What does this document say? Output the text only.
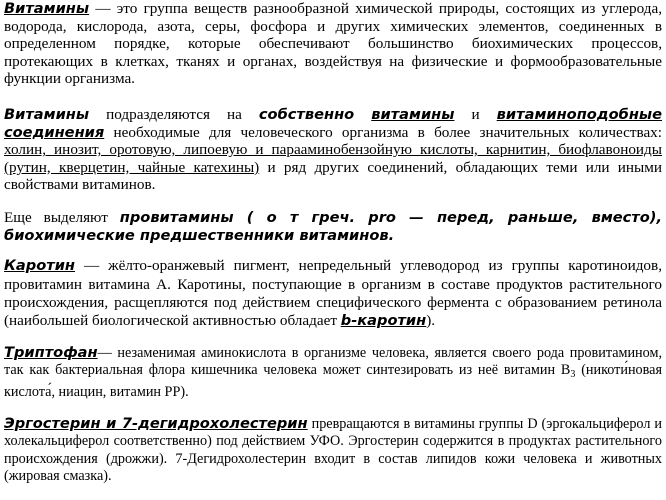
Витамины — это группа веществ разнообразной химической природы, состоящих из углерода, водорода, кислорода, азота, серы, фосфора и других химических элементов, соединенных в определенном порядке, которые обеспечивают большинство биохимических процессов, протекающих в клетках, тканях и органах, воздействуя на физические и формообразовательные функции организма.

Витамины подразделяются на собственно витамины и витаминоподобные соединения необходимые для человеческого организма в более значительных количествах: холин, инозит, оротовую, липоевую и парааминобензойную кислоты, карнитин, биофлавоноиды (рутин, кверцетин, чайные катехины) и ряд других соединений, обладающих теми или иными свойствами витаминов.

Еще выделяют провитамины ( о т греч. pro — перед, раньше, вместо), биохимические предшественники витаминов.

Каротин — жёлто-оранжевый пигмент, непредельный углеводород из группы каротиноидов, провитамин витамина А. Каротины, поступающие в организм в составе продуктов растительного происхождения, расщепляются под действием специфического фермента с образованием ретинола (наибольшей биологической активностью обладает b-каротин).

Триптофан— незаменимая аминокислота в организме человека, является своего рода провитамином, так как бактериальная флора кишечника человека может синтезировать из неё витамин $B_3$ (никоти́новая кислота́, ниацин, витамин PP).

Эргостерин и 7-дегидрохолестерин превращаются в витамины группы D (эргокальциферол и холекальциферол соответственно) под действием УФО. Эргостерин содержится в продуктах растительного происхождения (дрожжи). 7-Дегидрохолестерин входит в состав липидов кожи человека и животных (жировая смазка).
